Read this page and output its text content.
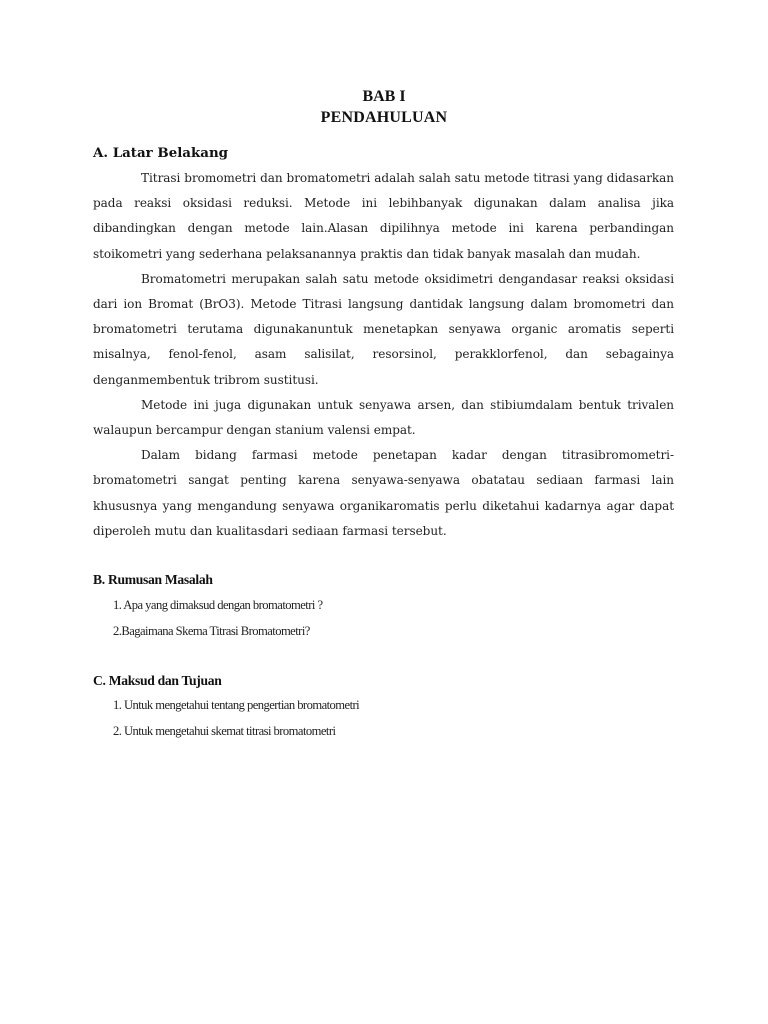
BAB I
PENDAHULUAN
A. Latar Belakang

Titrasi bromometri dan bromatometri adalah salah satu metode titrasi yang didasarkan pada reaksi oksidasi reduksi. Metode ini lebihbanyak digunakan dalam analisa jika dibandingkan dengan metode lain.Alasan dipilihnya metode ini karena perbandingan stoikometri yang sederhana pelaksanannya praktis dan tidak banyak masalah dan mudah.

Bromatometri merupakan salah satu metode oksidimetri dengandasar reaksi oksidasi dari ion Bromat (BrO3). Metode Titrasi langsung dantidak langsung dalam bromometri dan bromatometri terutama digunakanuntuk menetapkan senyawa organic aromatis seperti misalnya, fenol-fenol, asam salisilat, resorsinol, perakklorfenol, dan sebagainya denganmembentuk tribrom sustitusi.

Metode ini juga digunakan untuk senyawa arsen, dan stibiumdalam bentuk trivalen walaupun bercampur dengan stanium valensi empat.

Dalam bidang farmasi metode penetapan kadar dengan titrasibromometri-bromatometri sangat penting karena senyawa-senyawa obatatau sediaan farmasi lain khususnya yang mengandung senyawa organikaromatis perlu diketahui kadarnya agar dapat diperoleh mutu dan kualitasdari sediaan farmasi tersebut.

B. Rumusan Masalah
1. Apa yang dimaksud dengan bromatometri ?
2.Bagaimana Skema Titrasi Bromatometri?
C. Maksud dan Tujuan
1. Untuk mengetahui tentang pengertian bromatometri
2. Untuk mengetahui skemat titrasi bromatometri
